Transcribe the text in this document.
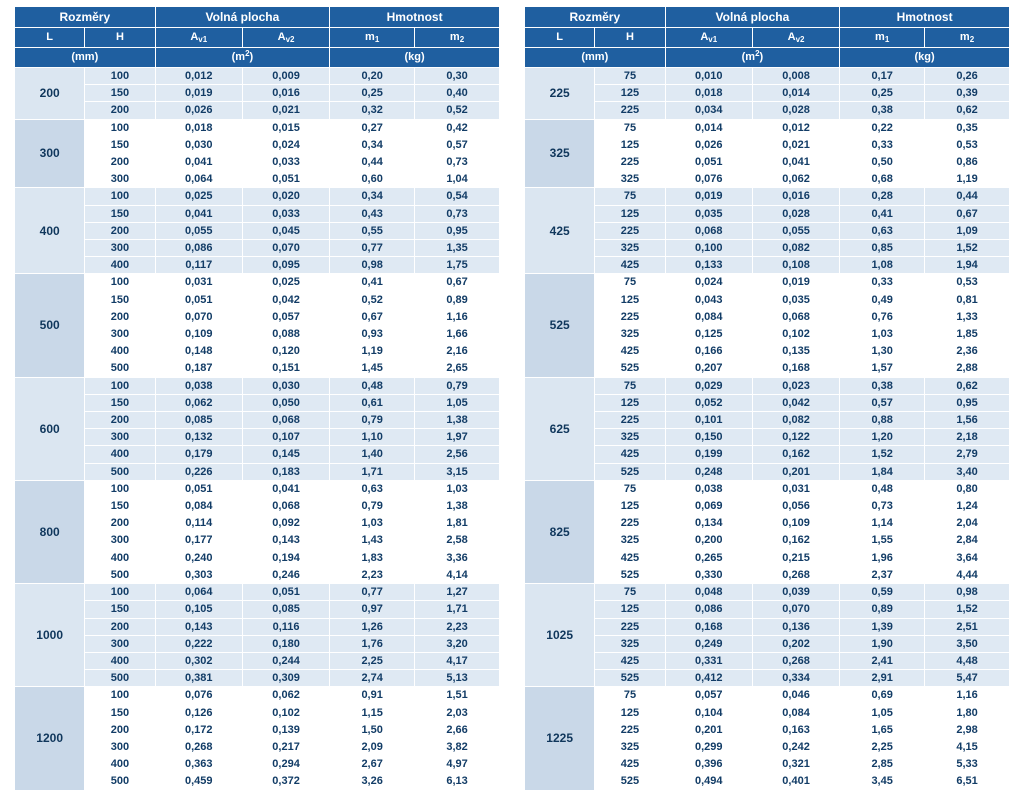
Rozměry		Volná plocha		Hmotnost	
L	H	$A_{v1}$	$A_{v2}$	$m_1$	$m_2$
(mm)		$(m^2)$		(kg)	
200	100	0,012	0,009	0,20	0,30
	150	0,019	0,016	0,25	0,40
	200	0,026	0,021	0,32	0,52
300	100	0,018	0,015	0,27	0,42
	150	0,030	0,024	0,34	0,57
	200	0,041	0,033	0,44	0,73
	300	0,064	0,051	0,60	1,04
400	100	0,025	0,020	0,34	0,54
	150	0,041	0,033	0,43	0,73
	200	0,055	0,045	0,55	0,95
	300	0,086	0,070	0,77	1,35
	400	0,117	0,095	0,98	1,75
500	100	0,031	0,025	0,41	0,67
	150	0,051	0,042	0,52	0,89
	200	0,070	0,057	0,67	1,16
	300	0,109	0,088	0,93	1,66
	400	0,148	0,120	1,19	2,16
	500	0,187	0,151	1,45	2,65
600	100	0,038	0,030	0,48	0,79
	150	0,062	0,050	0,61	1,05
	200	0,085	0,068	0,79	1,38
	300	0,132	0,107	1,10	1,97
	400	0,179	0,145	1,40	2,56
	500	0,226	0,183	1,71	3,15
800	100	0,051	0,041	0,63	1,03
	150	0,084	0,068	0,79	1,38
	200	0,114	0,092	1,03	1,81
	300	0,177	0,143	1,43	2,58
	400	0,240	0,194	1,83	3,36
	500	0,303	0,246	2,23	4,14
1000	100	0,064	0,051	0,77	1,27
	150	0,105	0,085	0,97	1,71
	200	0,143	0,116	1,26	2,23
	300	0,222	0,180	1,76	3,20
	400	0,302	0,244	2,25	4,17
	500	0,381	0,309	2,74	5,13
1200	100	0,076	0,062	0,91	1,51
	150	0,126	0,102	1,15	2,03
	200	0,172	0,139	1,50	2,66
	300	0,268	0,217	2,09	3,82
	400	0,363	0,294	2,67	4,97
	500	0,459	0,372	3,26	6,13
Rozměry		Volná plocha		Hmotnost	
L	H	$A_{v1}$	$A_{v2}$	$m_1$	$m_2$
(mm)		$(m^2)$		(kg)	
225	75	0,010	0,008	0,17	0,26
	125	0,018	0,014	0,25	0,39
	225	0,034	0,028	0,38	0,62
325	75	0,014	0,012	0,22	0,35
	125	0,026	0,021	0,33	0,53
	225	0,051	0,041	0,50	0,86
	325	0,076	0,062	0,68	1,19
425	75	0,019	0,016	0,28	0,44
	125	0,035	0,028	0,41	0,67
	225	0,068	0,055	0,63	1,09
	325	0,100	0,082	0,85	1,52
	425	0,133	0,108	1,08	1,94
525	75	0,024	0,019	0,33	0,53
	125	0,043	0,035	0,49	0,81
	225	0,084	0,068	0,76	1,33
	325	0,125	0,102	1,03	1,85
	425	0,166	0,135	1,30	2,36
	525	0,207	0,168	1,57	2,88
625	75	0,029	0,023	0,38	0,62
	125	0,052	0,042	0,57	0,95
	225	0,101	0,082	0,88	1,56
	325	0,150	0,122	1,20	2,18
	425	0,199	0,162	1,52	2,79
	525	0,248	0,201	1,84	3,40
825	75	0,038	0,031	0,48	0,80
	125	0,069	0,056	0,73	1,24
	225	0,134	0,109	1,14	2,04
	325	0,200	0,162	1,55	2,84
	425	0,265	0,215	1,96	3,64
	525	0,330	0,268	2,37	4,44
1025	75	0,048	0,039	0,59	0,98
	125	0,086	0,070	0,89	1,52
	225	0,168	0,136	1,39	2,51
	325	0,249	0,202	1,90	3,50
	425	0,331	0,268	2,41	4,48
	525	0,412	0,334	2,91	5,47
1225	75	0,057	0,046	0,69	1,16
	125	0,104	0,084	1,05	1,80
	225	0,201	0,163	1,65	2,98
	325	0,299	0,242	2,25	4,15
	425	0,396	0,321	2,85	5,33
	525	0,494	0,401	3,45	6,51
